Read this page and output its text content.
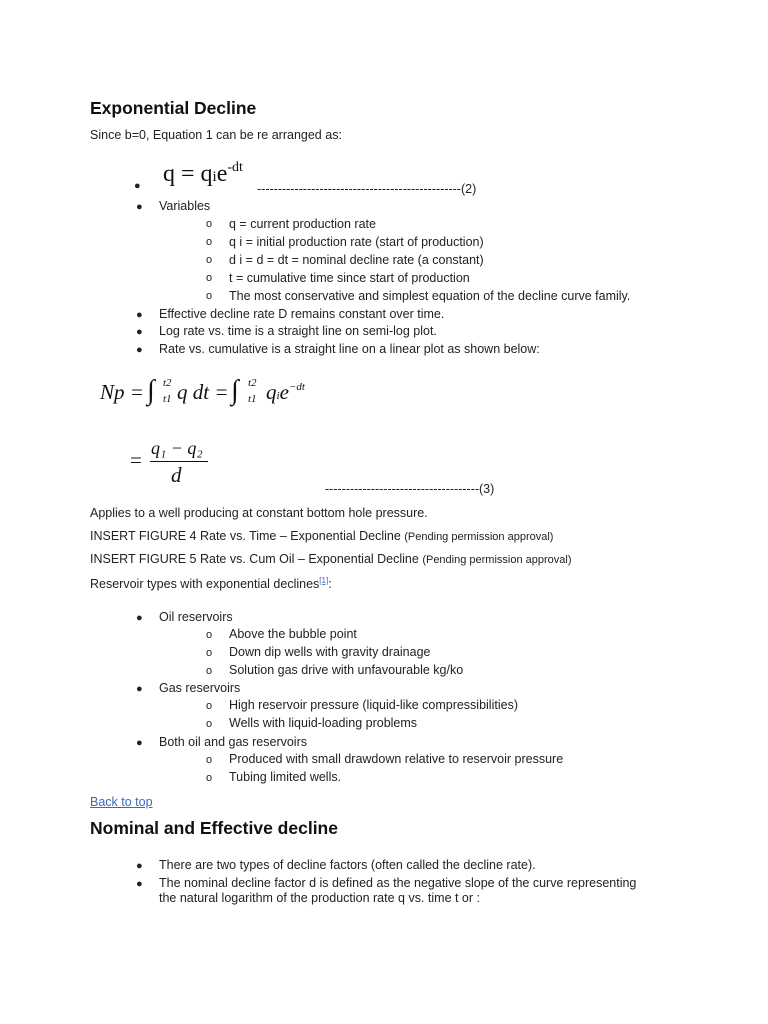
Exponential Decline
Since b=0, Equation 1 can be re arranged as:
● q = qie$^{-dt}$
-------------------------------------------------(2)
● Variables
o q = current production rate
o q i = initial production rate (start of production)
o d i = d = dt = nominal decline rate (a constant)
o t = cumulative time since start of production
o The most conservative and simplest equation of the decline curve family.
● Effective decline rate D remains constant over time.
● Log rate vs. time is a straight line on semi-log plot.
● Rate vs. cumulative is a straight line on a linear plot as shown below:
Np = ∫ t2
t1 q dt = ∫ t2
t1 qie$^{-dt}$
= q₁ − q₂
d
-------------------------------------(3)
Applies to a well producing at constant bottom hole pressure.
INSERT FIGURE 4 Rate vs. Time – Exponential Decline (Pending permission approval)
INSERT FIGURE 5 Rate vs. Cum Oil – Exponential Decline (Pending permission approval)
Reservoir types with exponential declines[1]:
● Oil reservoirs
o Above the bubble point
o Down dip wells with gravity drainage
o Solution gas drive with unfavourable kg/ko
● Gas reservoirs
o High reservoir pressure (liquid-like compressibilities)
o Wells with liquid-loading problems
● Both oil and gas reservoirs
o Produced with small drawdown relative to reservoir pressure
o Tubing limited wells.
Back to top
Nominal and Effective decline
● There are two types of decline factors (often called the decline rate).
● The nominal decline factor d is defined as the negative slope of the curve representing
the natural logarithm of the production rate q vs. time t or :
